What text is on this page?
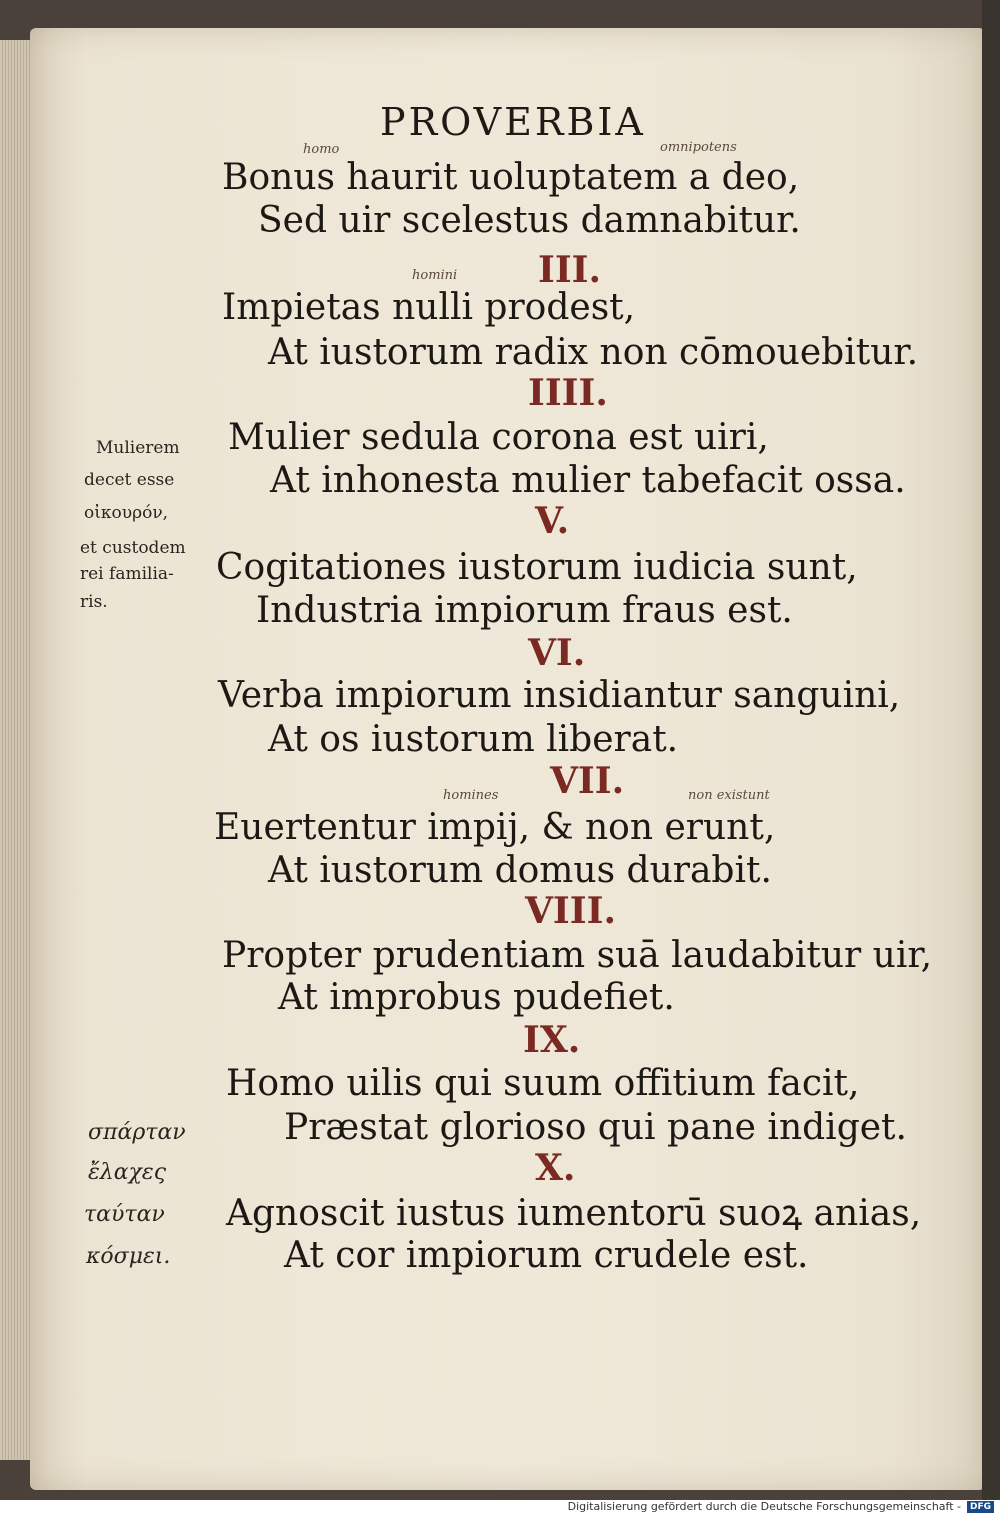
PROVERBIA
homo	omnipotens
Bonus haurit uoluptatem a deo,
Sed uir scelestus damnabitur.
III.
homini
Impietas nulli prodest,
At iustorum radix non cōmouebitur.
IIII.
Mulierem
decet esse
οἰκουρόν,
et custodem
rei familia-
ris.
Mulier sedula corona est uiri,
At inhonesta mulier tabefacit ossa.
V.
Cogitationes iustorum iudicia sunt,
Industria impiorum fraus est.
VI.
Verba impiorum insidiantur sanguini,
At os iustorum liberat.
VII.
homines	non existunt
Euertentur impij, & non erunt,
At iustorum domus durabit.
VIII.
Propter prudentiam suā laudabitur uir,
At improbus pudefiet.
IX.
Homo uilis qui suum offitium facit,
Præstat glorioso qui pane indiget.
X.
σπάρταν
ἔλαχες
ταύταν
κόσμει.
Agnoscit iustus iumentorū suoꝝ anias,
At cor impiorum crudele est.
Digitalisierung gefördert durch die Deutsche Forschungsgemeinschaft - DFG
